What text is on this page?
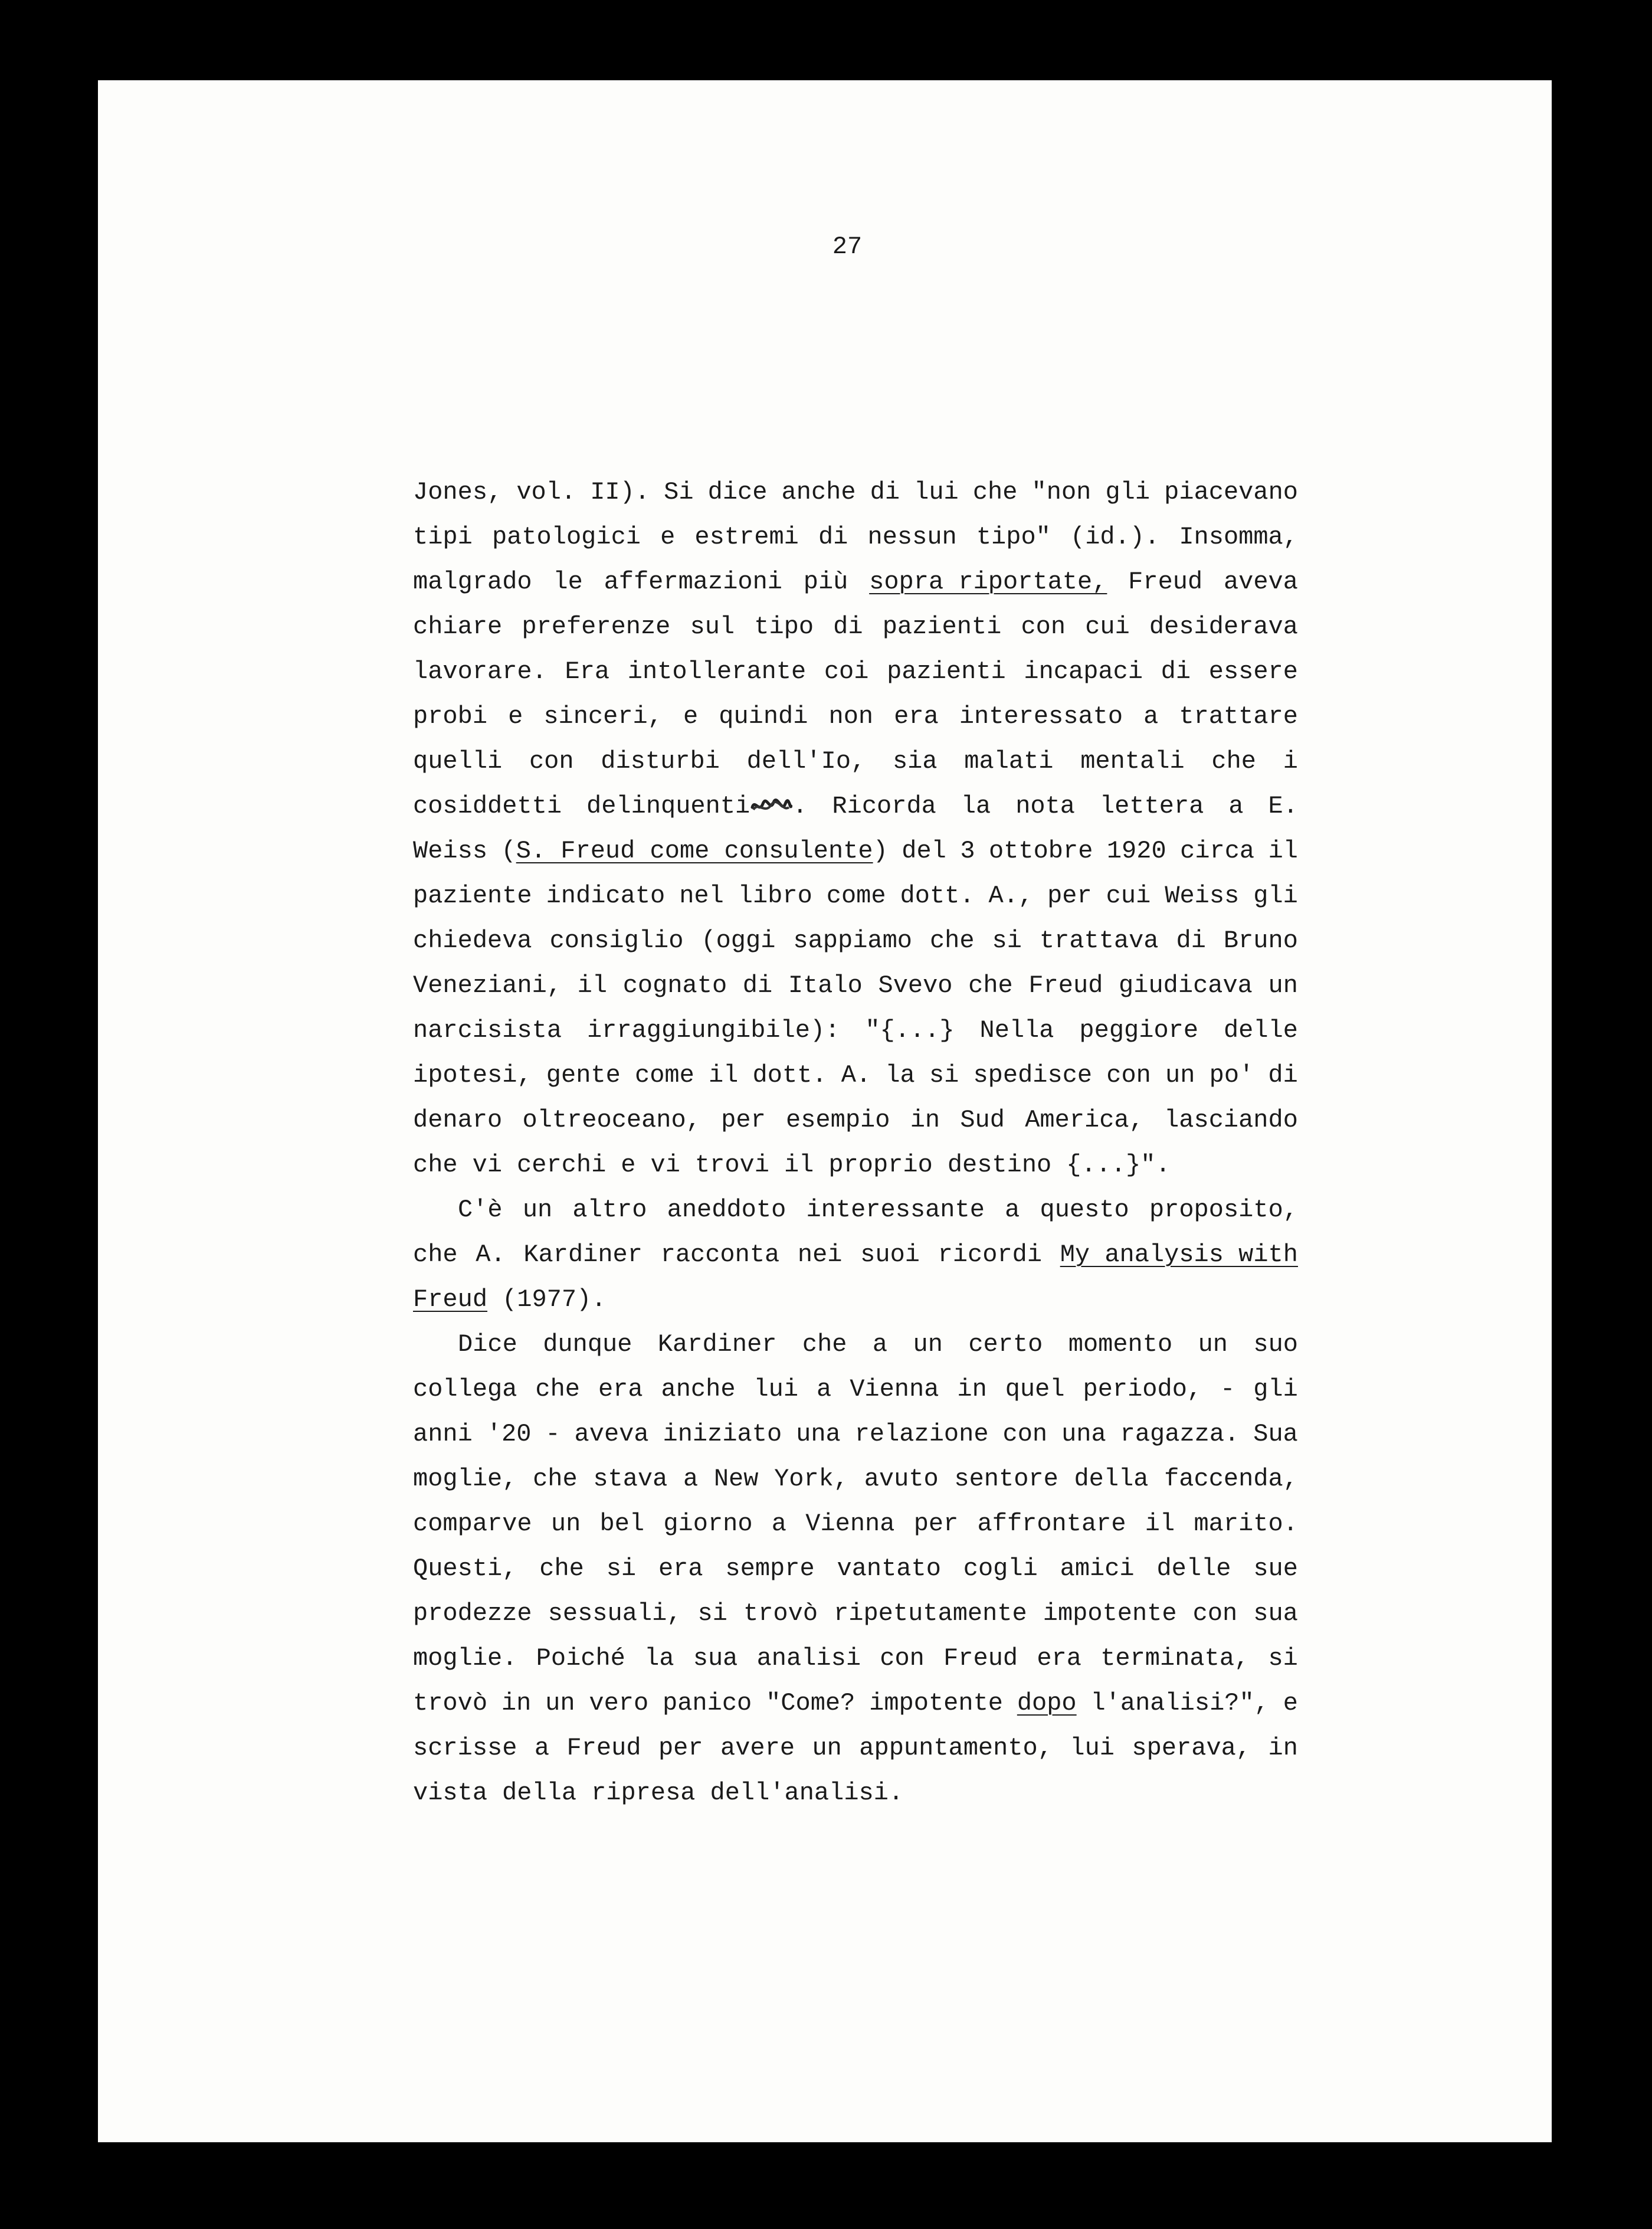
27
Jones, vol. II). Si dice anche di lui che "non gli piacevano
tipi patologici e estremi di nessun tipo" (id.). Insomma,
malgrado le affermazioni più sopra riportate, Freud aveva
chiare preferenze sul tipo di pazienti con cui desiderava
lavorare. Era intollerante coi pazienti incapaci di essere
probi e sinceri, e quindi non era interessato a trattare
quelli con disturbi dell'Io, sia malati mentali che i
cosiddetti delinquenti . Ricorda la nota lettera a E.
Weiss (S. Freud come consulente) del 3 ottobre 1920 circa il
paziente indicato nel libro come dott. A., per cui Weiss gli
chiedeva consiglio (oggi sappiamo che si trattava di Bruno
Veneziani, il cognato di Italo Svevo che Freud giudicava un
narcisista irraggiungibile): "{...} Nella peggiore delle
ipotesi, gente come il dott. A. la si spedisce con un po' di
denaro oltreoceano, per esempio in Sud America, lasciando
che vi cerchi e vi trovi il proprio destino {...}".
C'è un altro aneddoto interessante a questo proposito,
che A. Kardiner racconta nei suoi ricordi My analysis with
Freud (1977).
Dice dunque Kardiner che a un certo momento un suo
collega che era anche lui a Vienna in quel periodo, - gli
anni '20 - aveva iniziato una relazione con una ragazza. Sua
moglie, che stava a New York, avuto sentore della faccenda,
comparve un bel giorno a Vienna per affrontare il marito.
Questi, che si era sempre vantato cogli amici delle sue
prodezze sessuali, si trovò ripetutamente impotente con sua
moglie. Poiché la sua analisi con Freud era terminata, si
trovò in un vero panico "Come? impotente dopo l'analisi?", e
scrisse a Freud per avere un appuntamento, lui sperava, in
vista della ripresa dell'analisi.
